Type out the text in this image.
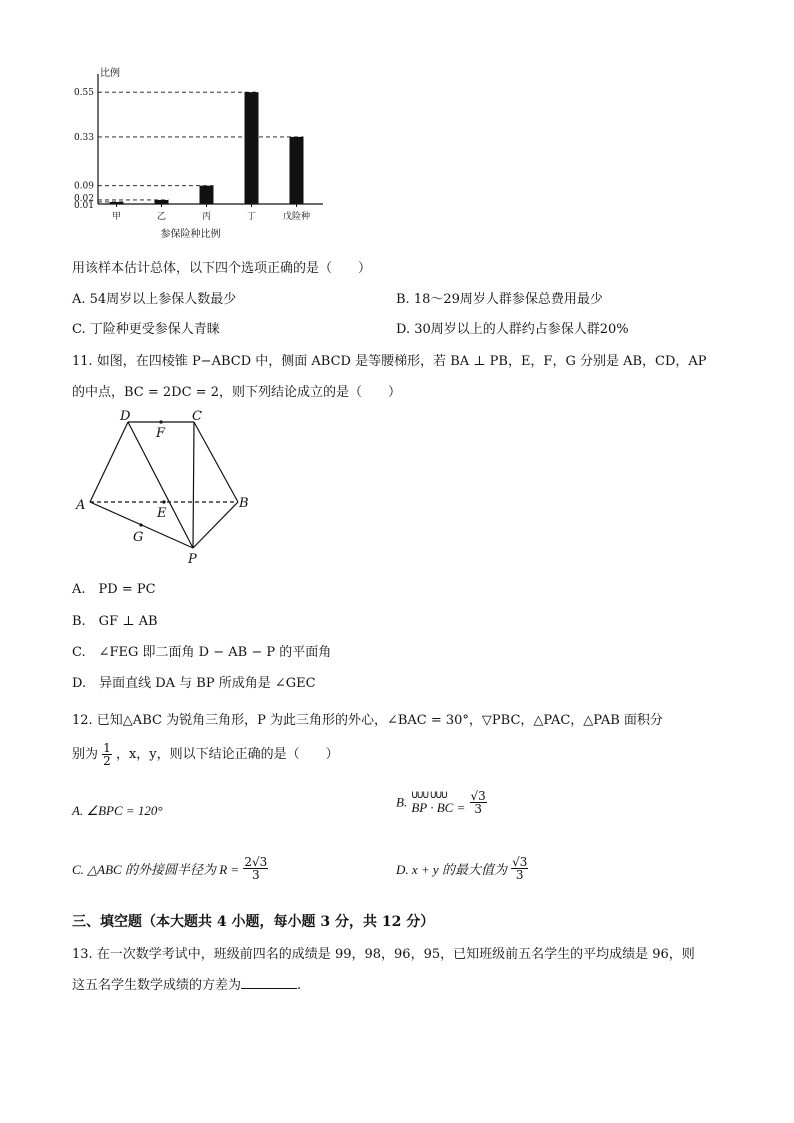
比例
甲	乙	丙	丁	戊险种
0.55
0.33
0.09
0.02
0.01
参保险种比例
用该样本估计总体，以下四个选项正确的是（　　）
A. 54周岁以上参保人数最少	B. 18～29周岁人群参保总费用最少
C. 丁险种更受参保人青睐	D. 30周岁以上的人群约占参保人群20%
11. 如图，在四棱锥 P−ABCD 中，侧面 ABCD 是等腰梯形，若 BA ⊥ PB，E，F，G 分别是 AB，CD，AP
的中点，BC = 2DC = 2，则下列结论成立的是（　　）
D	C
F
A
E
B
G
P
A.　PD = PC
B.　GF ⊥ AB
C.　∠FEG 即二面角 D − AB − P 的平面角
D.　异面直线 DA 与 BP 所成角是 ∠GEC
12. 已知△ABC 为锐角三角形，P 为此三角形的外心，∠BAC = 30°，▽PBC，△PAC，△PAB 面积分
别为 $\frac{1}{2}$ ，x，y，则以下结论正确的是（　　）
A. ∠BPC = 120°
B. ᑌᑌᑌ ᑌᑌᑌ
BP · BC =
$\frac{√3}{3}$
C. △ABC 的外接圆半径为 $R = \frac{2√3}{3}$	D. x + y 的最大值为 $\frac{√3}{3}$
三、填空题（本大题共 4 小题，每小题 3 分，共 12 分）
13. 在一次数学考试中，班级前四名的成绩是 99，98，96，95，已知班级前五名学生的平均成绩是 96，则
这五名学生数学成绩的方差为	.
